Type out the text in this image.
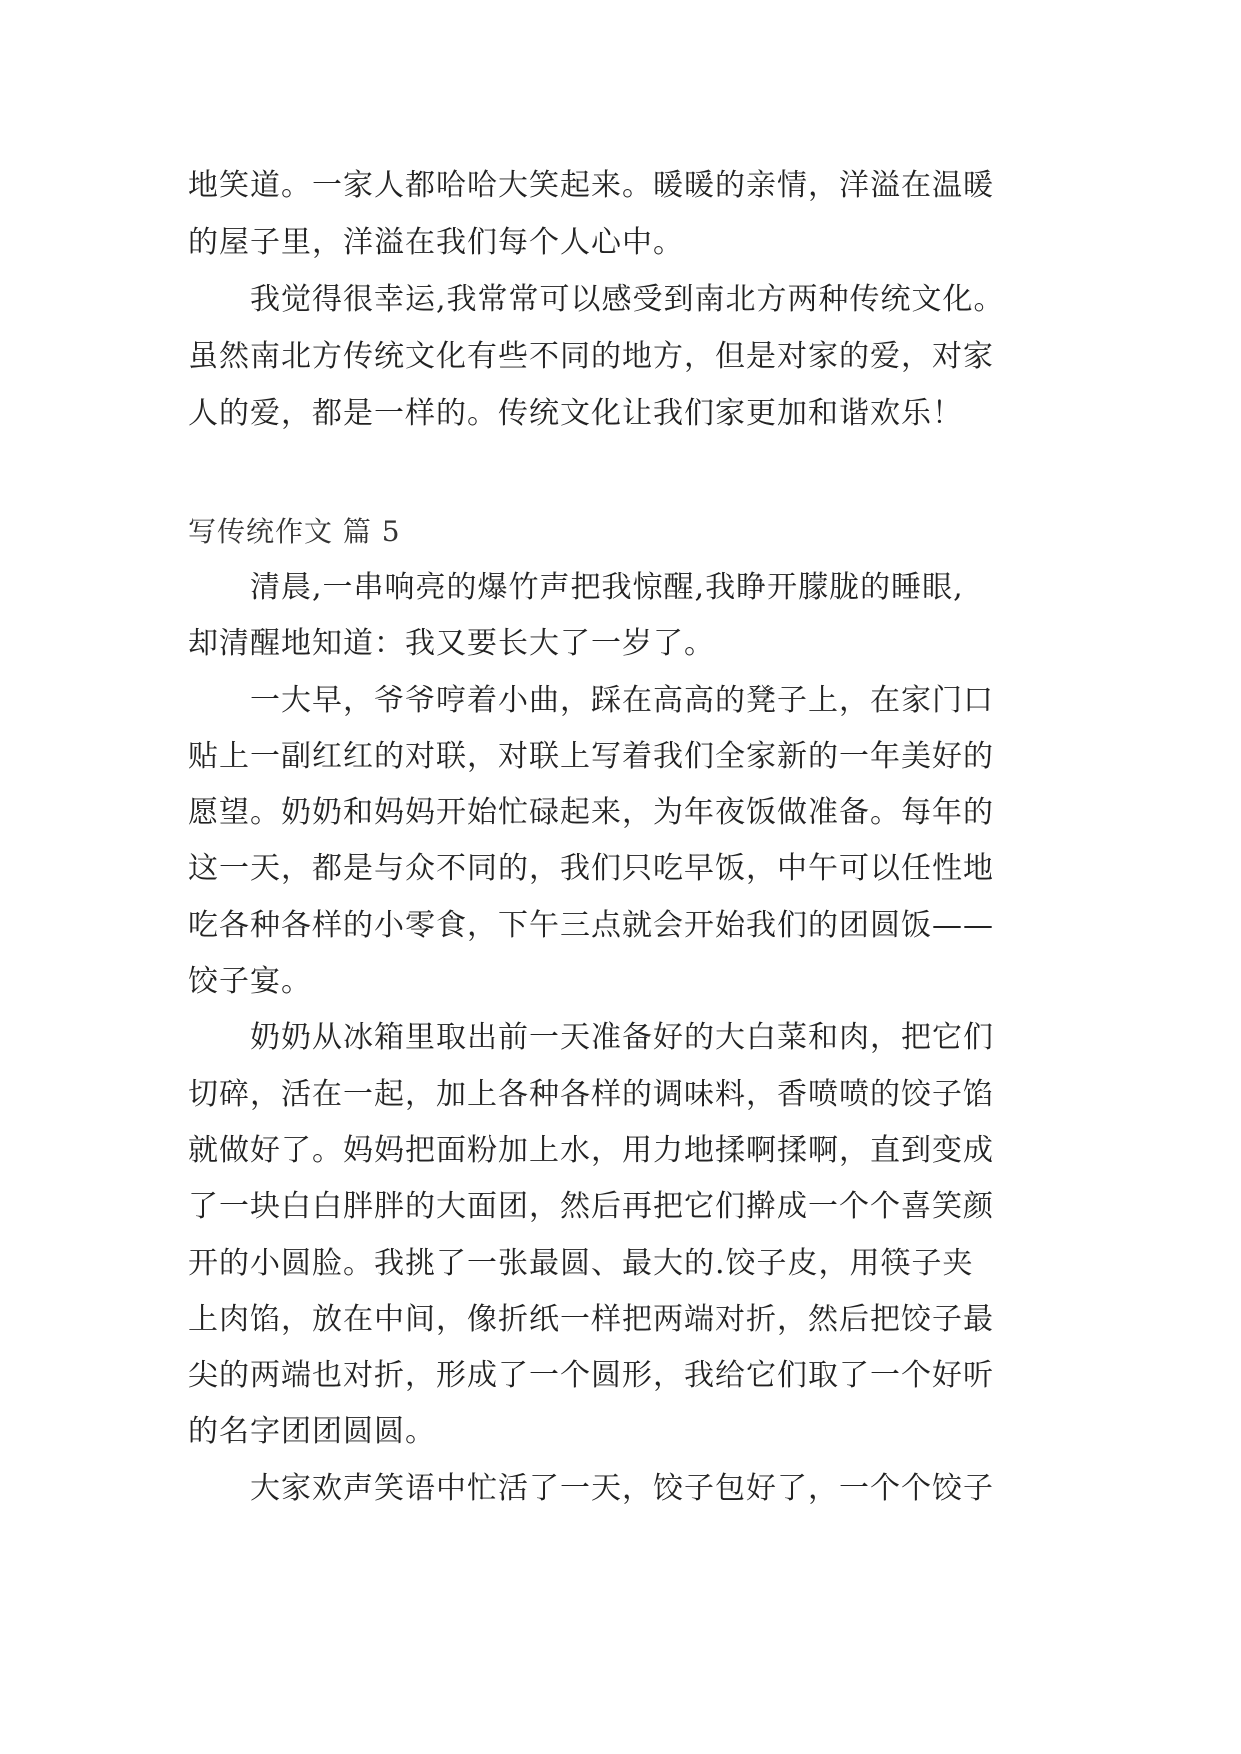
地笑道。一家人都哈哈大笑起来。暖暖的亲情，洋溢在温暖
的屋子里，洋溢在我们每个人心中。
　　我觉得很幸运,我常常可以感受到南北方两种传统文化。
虽然南北方传统文化有些不同的地方，但是对家的爱，对家
人的爱，都是一样的。传统文化让我们家更加和谐欢乐！
写传统作文 篇 5
　　清晨,一串响亮的爆竹声把我惊醒,我睁开朦胧的睡眼,
却清醒地知道：我又要长大了一岁了。
　　一大早，爷爷哼着小曲，踩在高高的凳子上，在家门口
贴上一副红红的对联，对联上写着我们全家新的一年美好的
愿望。奶奶和妈妈开始忙碌起来，为年夜饭做准备。每年的
这一天，都是与众不同的，我们只吃早饭，中午可以任性地
吃各种各样的小零食，下午三点就会开始我们的团圆饭——
饺子宴。
　　奶奶从冰箱里取出前一天准备好的大白菜和肉，把它们
切碎，活在一起，加上各种各样的调味料，香喷喷的饺子馅
就做好了。妈妈把面粉加上水，用力地揉啊揉啊，直到变成
了一块白白胖胖的大面团，然后再把它们擀成一个个喜笑颜
开的小圆脸。我挑了一张最圆、最大的.饺子皮，用筷子夹
上肉馅，放在中间，像折纸一样把两端对折，然后把饺子最
尖的两端也对折，形成了一个圆形，我给它们取了一个好听
的名字团团圆圆。
　　大家欢声笑语中忙活了一天，饺子包好了，一个个饺子
